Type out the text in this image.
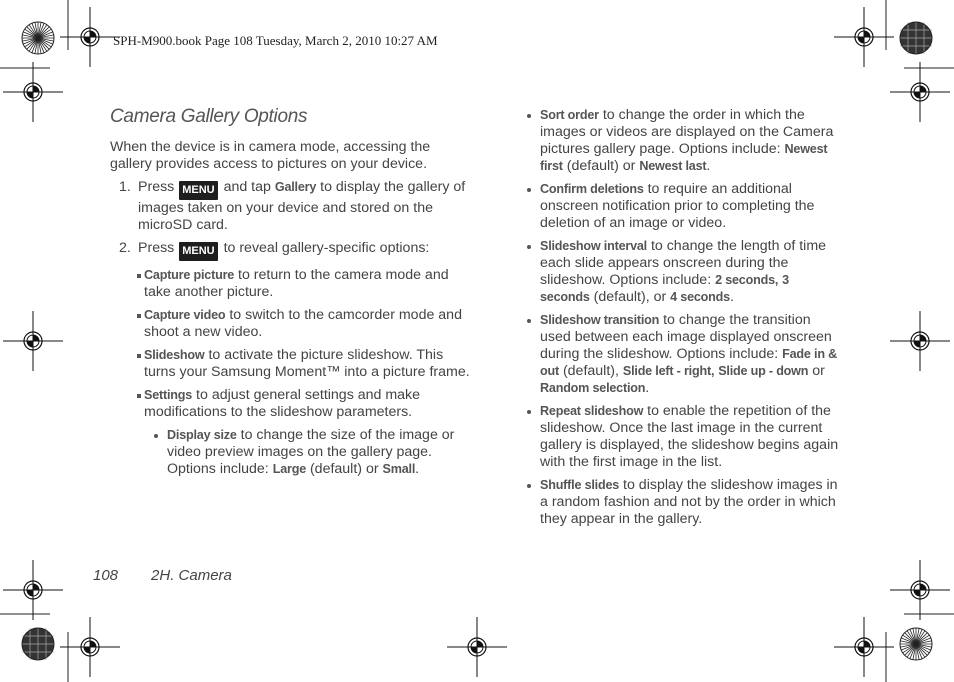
SPH-M900.book Page 108 Tuesday, March 2, 2010 10:27 AM
Camera Gallery Options

When the device is in camera mode, accessing the gallery provides access to pictures on your device.

1. Press MENU and tap Gallery to display the gallery of images taken on your device and stored on the microSD card.
2. Press MENU to reveal gallery-specific options:
Capture picture to return to the camera mode and take another picture.
Capture video to switch to the camcorder mode and shoot a new video.
Slideshow to activate the picture slideshow. This turns your Samsung Moment™ into a picture frame.
Settings to adjust general settings and make modifications to the slideshow parameters.
Display size to change the size of the image or video preview images on the gallery page. Options include: Large (default) or Small.
Sort order to change the order in which the images or videos are displayed on the Camera pictures gallery page. Options include: Newest first (default) or Newest last.
Confirm deletions to require an additional onscreen notification prior to completing the deletion of an image or video.
Slideshow interval to change the length of time each slide appears onscreen during the slideshow. Options include: 2 seconds, 3 seconds (default), or 4 seconds.
Slideshow transition to change the transition used between each image displayed onscreen during the slideshow. Options include: Fade in & out (default), Slide left - right, Slide up - down or Random selection.
Repeat slideshow to enable the repetition of the slideshow. Once the last image in the current gallery is displayed, the slideshow begins again with the first image in the list.
Shuffle slides to display the slideshow images in a random fashion and not by the order in which they appear in the gallery.
108 2H. Camera
